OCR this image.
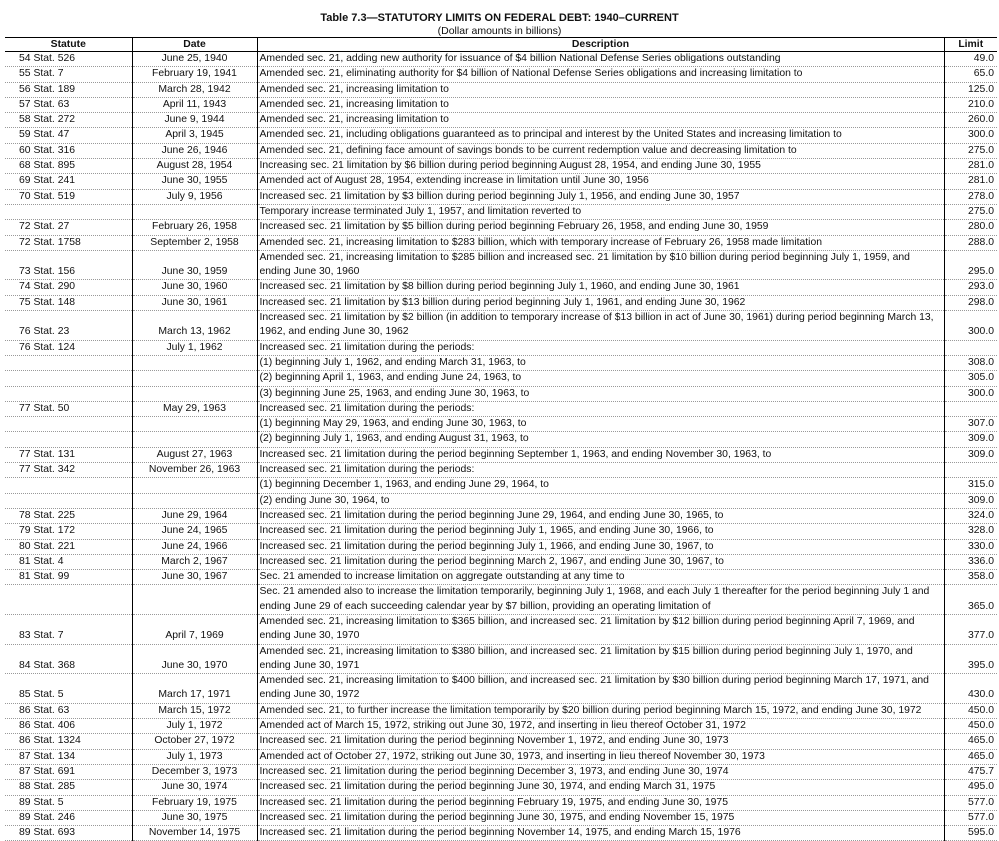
Table 7.3—STATUTORY LIMITS ON FEDERAL DEBT: 1940–CURRENT
(Dollar amounts in billions)
Statute	Date	Description	Limit
54 Stat. 526	June 25, 1940	Amended sec. 21, adding new authority for issuance of $4 billion National Defense Series obligations outstanding	49.0
55 Stat. 7	February 19, 1941	Amended sec. 21, eliminating authority for $4 billion of National Defense Series obligations and increasing limitation to	65.0
56 Stat. 189	March 28, 1942	Amended sec. 21, increasing limitation to	125.0
57 Stat. 63	April 11, 1943	Amended sec. 21, increasing limitation to	210.0
58 Stat. 272	June 9, 1944	Amended sec. 21, increasing limitation to	260.0
59 Stat. 47	April 3, 1945	Amended sec. 21, including obligations guaranteed as to principal and interest by the United States and increasing limitation to	300.0
60 Stat. 316	June 26, 1946	Amended sec. 21, defining face amount of savings bonds to be current redemption value and decreasing limitation to	275.0
68 Stat. 895	August 28, 1954	Increasing sec. 21 limitation by $6 billion during period beginning August 28, 1954, and ending June 30, 1955	281.0
69 Stat. 241	June 30, 1955	Amended act of August 28, 1954, extending increase in limitation until June 30, 1956	281.0
70 Stat. 519	July 9, 1956	Increased sec. 21 limitation by $3 billion during period beginning July 1, 1956, and ending June 30, 1957	278.0
		Temporary increase terminated July 1, 1957, and limitation reverted to	275.0
72 Stat. 27	February 26, 1958	Increased sec. 21 limitation by $5 billion during period beginning February 26, 1958, and ending June 30, 1959	280.0
72 Stat. 1758	September 2, 1958	Amended sec. 21, increasing limitation to $283 billion, which with temporary increase of February 26, 1958 made limitation	288.0
73 Stat. 156	June 30, 1959	Amended sec. 21, increasing limitation to $285 billion and increased sec. 21 limitation by $10 billion during period beginning July 1, 1959, and ending June 30, 1960	295.0
74 Stat. 290	June 30, 1960	Increased sec. 21 limitation by $8 billion during period beginning July 1, 1960, and ending June 30, 1961	293.0
75 Stat. 148	June 30, 1961	Increased sec. 21 limitation by $13 billion during period beginning July 1, 1961, and ending June 30, 1962	298.0
76 Stat. 23	March 13, 1962	Increased sec. 21 limitation by $2 billion (in addition to temporary increase of $13 billion in act of June 30, 1961) during period beginning March 13, 1962, and ending June 30, 1962	300.0
76 Stat. 124	July 1, 1962	Increased sec. 21 limitation during the periods:	
		(1) beginning July 1, 1962, and ending March 31, 1963, to	308.0
		(2) beginning April 1, 1963, and ending June 24, 1963, to	305.0
		(3) beginning June 25, 1963, and ending June 30, 1963, to	300.0
77 Stat. 50	May 29, 1963	Increased sec. 21 limitation during the periods:	
		(1) beginning May 29, 1963, and ending June 30, 1963, to	307.0
		(2) beginning July 1, 1963, and ending August 31, 1963, to	309.0
77 Stat. 131	August 27, 1963	Increased sec. 21 limitation during the period beginning September 1, 1963, and ending November 30, 1963, to	309.0
77 Stat. 342	November 26, 1963	Increased sec. 21 limitation during the periods:	
		(1) beginning December 1, 1963, and ending June 29, 1964, to	315.0
		(2) ending June 30, 1964, to	309.0
78 Stat. 225	June 29, 1964	Increased sec. 21 limitation during the period beginning June 29, 1964, and ending June 30, 1965, to	324.0
79 Stat. 172	June 24, 1965	Increased sec. 21 limitation during the period beginning July 1, 1965, and ending June 30, 1966, to	328.0
80 Stat. 221	June 24, 1966	Increased sec. 21 limitation during the period beginning July 1, 1966, and ending June 30, 1967, to	330.0
81 Stat. 4	March 2, 1967	Increased sec. 21 limitation during the period beginning March 2, 1967, and ending June 30, 1967, to	336.0
81 Stat. 99	June 30, 1967	Sec. 21 amended to increase limitation on aggregate outstanding at any time to	358.0
		Sec. 21 amended also to increase the limitation temporarily, beginning July 1, 1968, and each July 1 thereafter for the period beginning July 1 and ending June 29 of each succeeding calendar year by $7 billion, providing an operating limitation of	365.0
83 Stat. 7	April 7, 1969	Amended sec. 21, increasing limitation to $365 billion, and increased sec. 21 limitation by $12 billion during period beginning April 7, 1969, and ending June 30, 1970	377.0
84 Stat. 368	June 30, 1970	Amended sec. 21, increasing limitation to $380 billion, and increased sec. 21 limitation by $15 billion during period beginning July 1, 1970, and ending June 30, 1971	395.0
85 Stat. 5	March 17, 1971	Amended sec. 21, increasing limitation to $400 billion, and increased sec. 21 limitation by $30 billion during period beginning March 17, 1971, and ending June 30, 1972	430.0
86 Stat. 63	March 15, 1972	Amended sec. 21, to further increase the limitation temporarily by $20 billion during period beginning March 15, 1972, and ending June 30, 1972	450.0
86 Stat. 406	July 1, 1972	Amended act of March 15, 1972, striking out June 30, 1972, and inserting in lieu thereof October 31, 1972	450.0
86 Stat. 1324	October 27, 1972	Increased sec. 21 limitation during the period beginning November 1, 1972, and ending June 30, 1973	465.0
87 Stat. 134	July 1, 1973	Amended act of October 27, 1972, striking out June 30, 1973, and inserting in lieu thereof November 30, 1973	465.0
87 Stat. 691	December 3, 1973	Increased sec. 21 limitation during the period beginning December 3, 1973, and ending June 30, 1974	475.7
88 Stat. 285	June 30, 1974	Increased sec. 21 limitation during the period beginning June 30, 1974, and ending March 31, 1975	495.0
89 Stat. 5	February 19, 1975	Increased sec. 21 limitation during the period beginning February 19, 1975, and ending June 30, 1975	577.0
89 Stat. 246	June 30, 1975	Increased sec. 21 limitation during the period beginning June 30, 1975, and ending November 15, 1975	577.0
89 Stat. 693	November 14, 1975	Increased sec. 21 limitation during the period beginning November 14, 1975, and ending March 15, 1976	595.0
